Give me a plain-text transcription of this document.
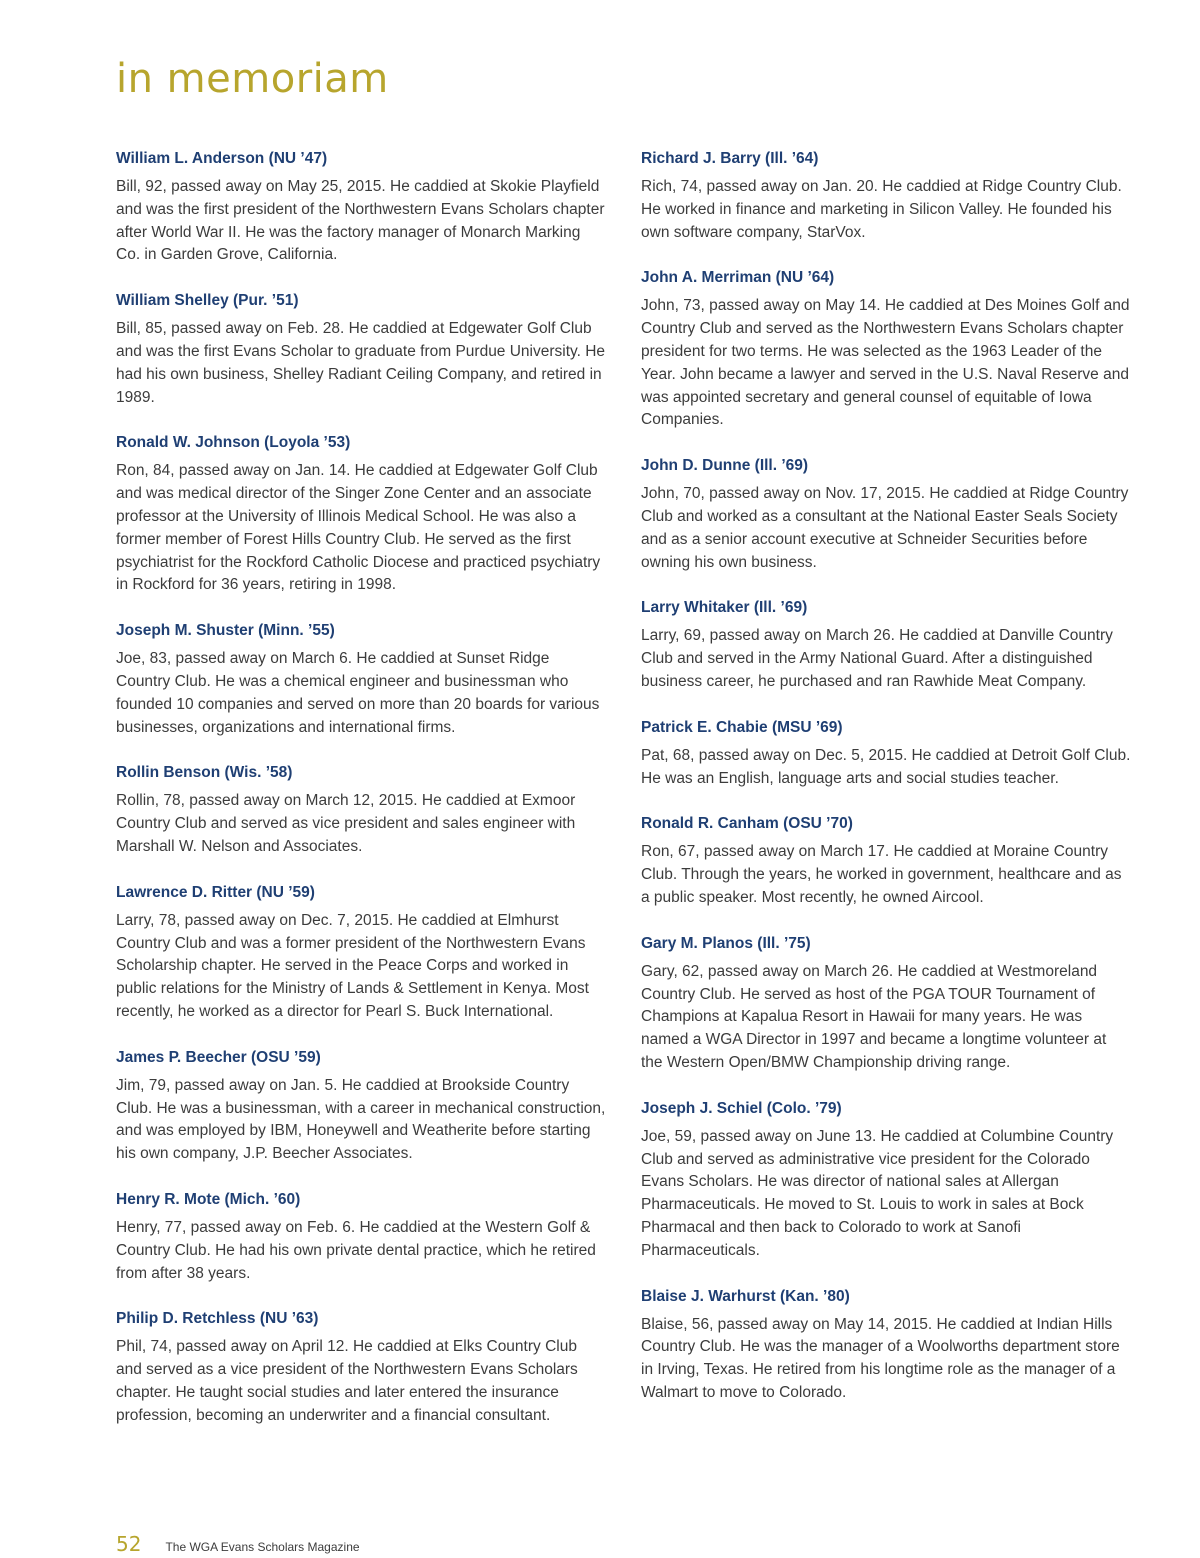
in memoriam
William L. Anderson (NU ’47)

Bill, 92, passed away on May 25, 2015. He caddied at Skokie Playfield and was the first president of the Northwestern Evans Scholars chapter after World War II. He was the factory manager of Monarch Marking Co. in Garden Grove, California.

William Shelley (Pur. ’51)

Bill, 85, passed away on Feb. 28. He caddied at Edgewater Golf Club and was the first Evans Scholar to graduate from Purdue University. He had his own business, Shelley Radiant Ceiling Company, and retired in 1989.

Ronald W. Johnson (Loyola ’53)

Ron, 84, passed away on Jan. 14. He caddied at Edgewater Golf Club and was medical director of the Singer Zone Center and an associate professor at the University of Illinois Medical School. He was also a former member of Forest Hills Country Club. He served as the first psychiatrist for the Rockford Catholic Diocese and practiced psychiatry in Rockford for 36 years, retiring in 1998.

Joseph M. Shuster (Minn. ’55)

Joe, 83, passed away on March 6. He caddied at Sunset Ridge Country Club. He was a chemical engineer and businessman who founded 10 companies and served on more than 20 boards for various businesses, organizations and international firms.

Rollin Benson (Wis. ’58)

Rollin, 78, passed away on March 12, 2015. He caddied at Exmoor Country Club and served as vice president and sales engineer with Marshall W. Nelson and Associates.

Lawrence D. Ritter (NU ’59)

Larry, 78, passed away on Dec. 7, 2015. He caddied at Elmhurst Country Club and was a former president of the Northwestern Evans Scholarship chapter. He served in the Peace Corps and worked in public relations for the Ministry of Lands & Settlement in Kenya. Most recently, he worked as a director for Pearl S. Buck International.

James P. Beecher (OSU ’59)

Jim, 79, passed away on Jan. 5. He caddied at Brookside Country Club. He was a businessman, with a career in mechanical construction, and was employed by IBM, Honeywell and Weatherite before starting his own company, J.P. Beecher Associates.

Henry R. Mote (Mich. ’60)

Henry, 77, passed away on Feb. 6. He caddied at the Western Golf & Country Club. He had his own private dental practice, which he retired from after 38 years.

Philip D. Retchless (NU ’63)

Phil, 74, passed away on April 12. He caddied at Elks Country Club and served as a vice president of the Northwestern Evans Scholars chapter. He taught social studies and later entered the insurance profession, becoming an underwriter and a financial consultant.

Richard J. Barry (Ill. ’64)

Rich, 74, passed away on Jan. 20. He caddied at Ridge Country Club. He worked in finance and marketing in Silicon Valley. He founded his own software company, StarVox.

John A. Merriman (NU ’64)

John, 73, passed away on May 14. He caddied at Des Moines Golf and Country Club and served as the Northwestern Evans Scholars chapter president for two terms. He was selected as the 1963 Leader of the Year. John became a lawyer and served in the U.S. Naval Reserve and was appointed secretary and general counsel of equitable of Iowa Companies.

John D. Dunne (Ill. ’69)

John, 70, passed away on Nov. 17, 2015. He caddied at Ridge Country Club and worked as a consultant at the National Easter Seals Society and as a senior account executive at Schneider Securities before owning his own business.

Larry Whitaker (Ill. ’69)

Larry, 69, passed away on March 26. He caddied at Danville Country Club and served in the Army National Guard. After a distinguished business career, he purchased and ran Rawhide Meat Company.

Patrick E. Chabie (MSU ’69)

Pat, 68, passed away on Dec. 5, 2015. He caddied at Detroit Golf Club. He was an English, language arts and social studies teacher.

Ronald R. Canham (OSU ’70)

Ron, 67, passed away on March 17. He caddied at Moraine Country Club. Through the years, he worked in government, healthcare and as a public speaker. Most recently, he owned Aircool.

Gary M. Planos (Ill. ’75)

Gary, 62, passed away on March 26. He caddied at Westmoreland Country Club. He served as host of the PGA TOUR Tournament of Champions at Kapalua Resort in Hawaii for many years. He was named a WGA Director in 1997 and became a longtime volunteer at the Western Open/BMW Championship driving range.

Joseph J. Schiel (Colo. ’79)

Joe, 59, passed away on June 13. He caddied at Columbine Country Club and served as administrative vice president for the Colorado Evans Scholars. He was director of national sales at Allergan Pharmaceuticals. He moved to St. Louis to work in sales at Bock Pharmacal and then back to Colorado to work at Sanofi Pharmaceuticals.

Blaise J. Warhurst (Kan. ’80)

Blaise, 56, passed away on May 14, 2015. He caddied at Indian Hills Country Club. He was the manager of a Woolworths department store in Irving, Texas. He retired from his longtime role as the manager of a Walmart to move to Colorado.

52 The WGA Evans Scholars Magazine
